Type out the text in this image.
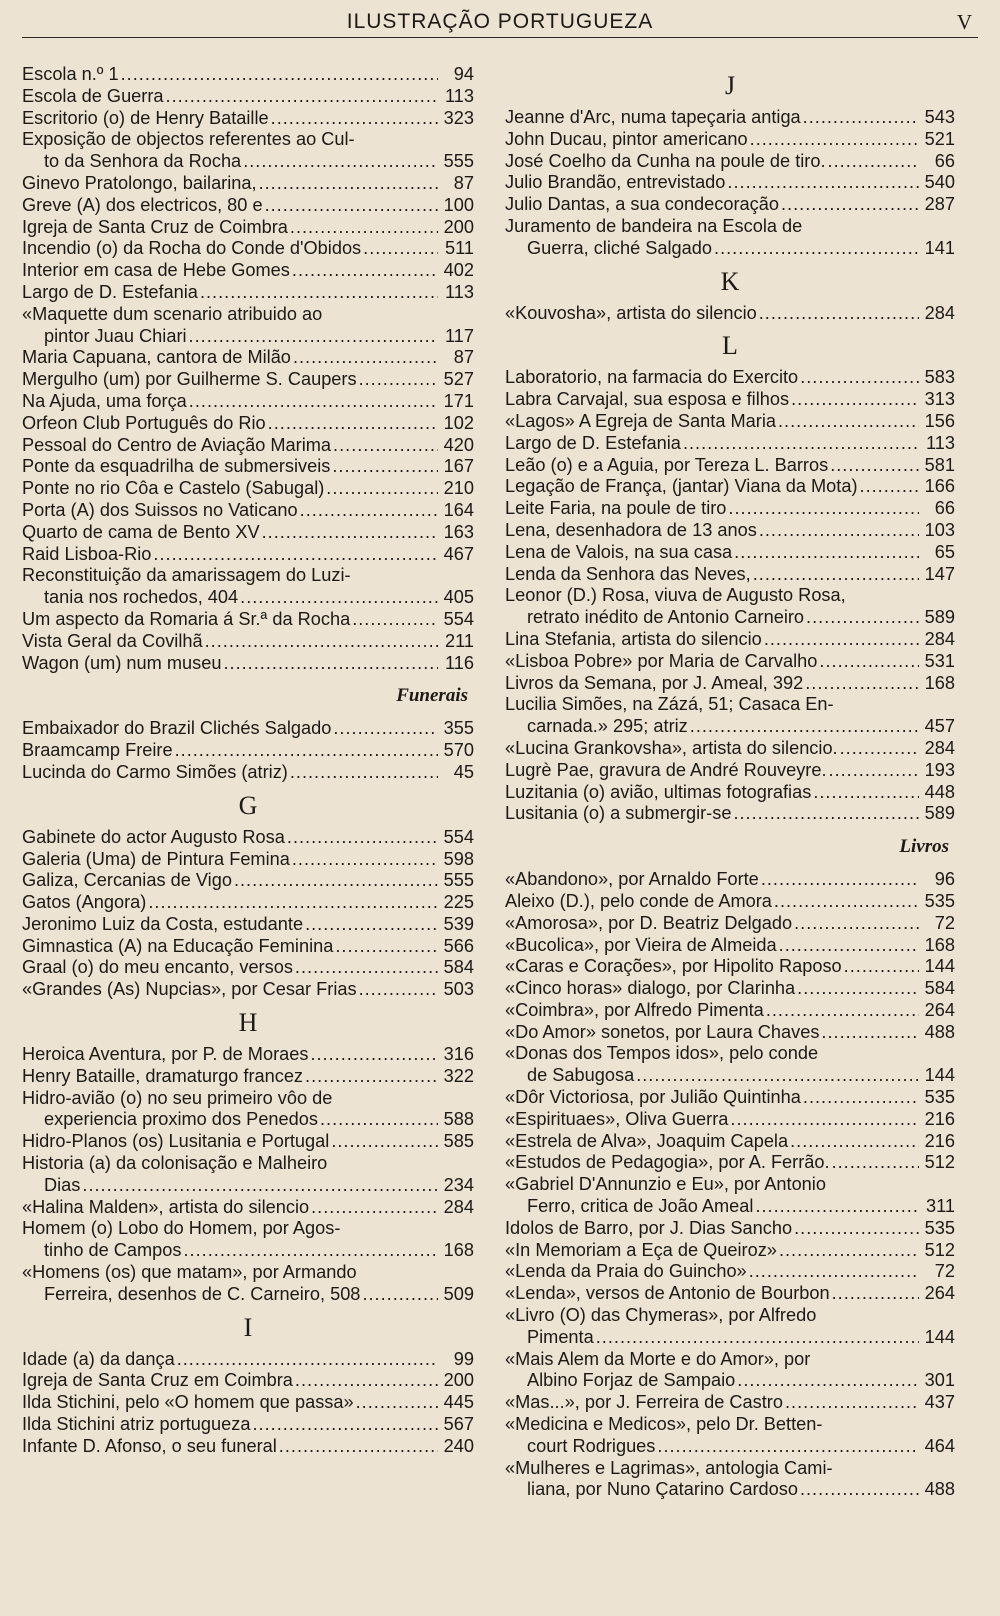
ILUSTRAÇÃO PORTUGUEZA	V
Escola n.º 1 .....	94
Escola de Guerra .....	113
Escritorio (o) de Henry Bataille .....	323
Exposição de objectos referentes ao Cul-
to da Senhora da Rocha .....	555
Ginevo Pratolongo, bailarina, .....	87
Greve (A) dos electricos, 80 e .....	100
Igreja de Santa Cruz de Coimbra .....	200
Incendio (o) da Rocha do Conde d'Obidos .....	511
Interior em casa de Hebe Gomes .....	402
Largo de D. Estefania .....	113
«Maquette dum scenario atribuido ao
pintor Juau Chiari .....	117
Maria Capuana, cantora de Milão .....	87
Mergulho (um) por Guilherme S. Caupers .....	527
Na Ajuda, uma força .....	171
Orfeon Club Português do Rio .....	102
Pessoal do Centro de Aviação Marima .....	420
Ponte da esquadrilha de submersiveis .....	167
Ponte no rio Côa e Castelo (Sabugal) .....	210
Porta (A) dos Suissos no Vaticano .....	164
Quarto de cama de Bento XV .....	163
Raid Lisboa-Rio .....	467
Reconstituição da amarissagem do Luzi-
tania nos rochedos, 404 .....	405
Um aspecto da Romaria á Sr.ª da Rocha .....	554
Vista Geral da Covilhã .....	211
Wagon (um) num museu .....	116
Funerais
Embaixador do Brazil Clichés Salgado .....	355
Braamcamp Freire .....	570
Lucinda do Carmo Simões (atriz) .....	45
G
Gabinete do actor Augusto Rosa .....	554
Galeria (Uma) de Pintura Femina .....	598
Galiza, Cercanias de Vigo .....	555
Gatos (Angora) .....	225
Jeronimo Luiz da Costa, estudante .....	539
Gimnastica (A) na Educação Feminina .....	566
Graal (o) do meu encanto, versos .....	584
«Grandes (As) Nupcias», por Cesar Frias .....	503
H
Heroica Aventura, por P. de Moraes .....	316
Henry Bataille, dramaturgo francez .....	322
Hidro-avião (o) no seu primeiro vôo de
experiencia proximo dos Penedos .....	588
Hidro-Planos (os) Lusitania e Portugal .....	585
Historia (a) da colonisação e Malheiro
Dias .....	234
«Halina Malden», artista do silencio .....	284
Homem (o) Lobo do Homem, por Agos-
tinho de Campos .....	168
«Homens (os) que matam», por Armando
Ferreira, desenhos de C. Carneiro, 508 .....	509
I
Idade (a) da dança .....	99
Igreja de Santa Cruz em Coimbra .....	200
Ilda Stichini, pelo «O homem que passa» .....	445
Ilda Stichini atriz portugueza .....	567
Infante D. Afonso, o seu funeral .....	240
J
Jeanne d'Arc, numa tapeçaria antiga .....	543
John Ducau, pintor americano .....	521
José Coelho da Cunha na poule de tiro. .....	66
Julio Brandão, entrevistado .....	540
Julio Dantas, a sua condecoração .....	287
Juramento de bandeira na Escola de
Guerra, cliché Salgado .....	141
K
«Kouvosha», artista do silencio .....	284
L
Laboratorio, na farmacia do Exercito .....	583
Labra Carvajal, sua esposa e filhos .....	313
«Lagos» A Egreja de Santa Maria .....	156
Largo de D. Estefania .....	113
Leão (o) e a Aguia, por Tereza L. Barros .....	581
Legação de França, (jantar) Viana da Mota) .....	166
Leite Faria, na poule de tiro .....	66
Lena, desenhadora de 13 anos .....	103
Lena de Valois, na sua casa .....	65
Lenda da Senhora das Neves, .....	147
Leonor (D.) Rosa, viuva de Augusto Rosa,
retrato inédito de Antonio Carneiro .....	589
Lina Stefania, artista do silencio .....	284
«Lisboa Pobre» por Maria de Carvalho .....	531
Livros da Semana, por J. Ameal, 392 .....	168
Lucilia Simões, na Zázá, 51; Casaca En-
carnada.» 295; atriz .....	457
«Lucina Grankovsha», artista do silencio. .....	284
Lugrè Pae, gravura de André Rouveyre. .....	193
Luzitania (o) avião, ultimas fotografias .....	448
Lusitania (o) a submergir-se .....	589
Livros
«Abandono», por Arnaldo Forte .....	96
Aleixo (D.), pelo conde de Amora .....	535
«Amorosa», por D. Beatriz Delgado .....	72
«Bucolica», por Vieira de Almeida .....	168
«Caras e Corações», por Hipolito Raposo .....	144
«Cinco horas» dialogo, por Clarinha .....	584
«Coimbra», por Alfredo Pimenta .....	264
«Do Amor» sonetos, por Laura Chaves .....	488
«Donas dos Tempos idos», pelo conde
de Sabugosa .....	144
«Dôr Victoriosa, por Julião Quintinha .....	535
«Espirituaes», Oliva Guerra .....	216
«Estrela de Alva», Joaquim Capela .....	216
«Estudos de Pedagogia», por A. Ferrão. .....	512
«Gabriel D'Annunzio e Eu», por Antonio
Ferro, critica de João Ameal .....	311
Idolos de Barro, por J. Dias Sancho .....	535
«In Memoriam a Eça de Queiroz» .....	512
«Lenda da Praia do Guincho» .....	72
«Lenda», versos de Antonio de Bourbon .....	264
«Livro (O) das Chymeras», por Alfredo
Pimenta .....	144
«Mais Alem da Morte e do Amor», por
Albino Forjaz de Sampaio .....	301
«Mas...», por J. Ferreira de Castro .....	437
«Medicina e Medicos», pelo Dr. Betten-
court Rodrigues .....	464
«Mulheres e Lagrimas», antologia Cami-
liana, por Nuno Çatarino Cardoso .....	488
